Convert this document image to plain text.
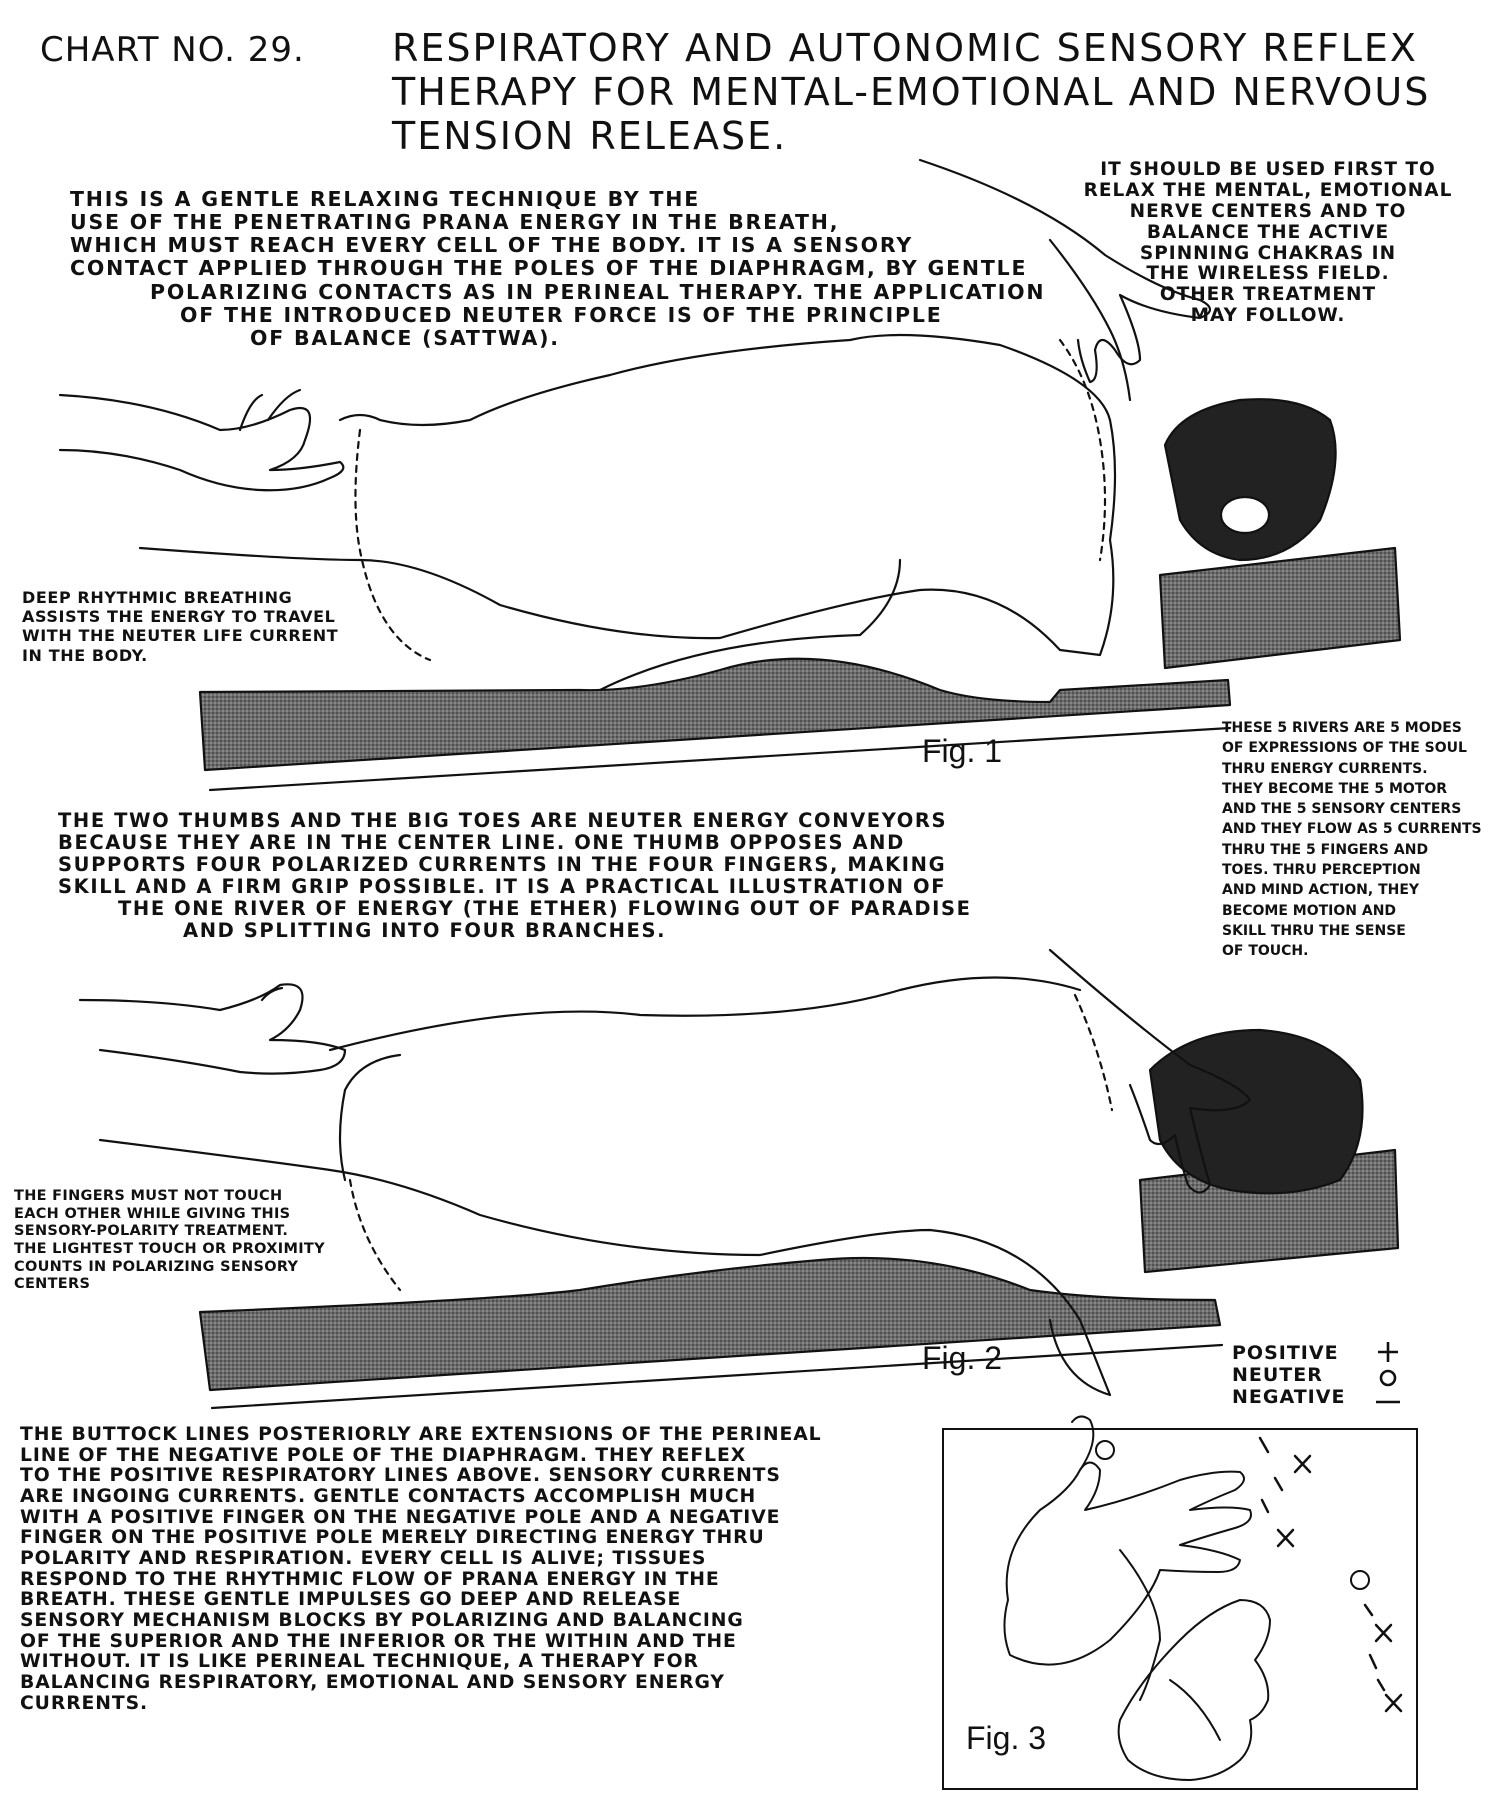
CHART NO. 29. RESPIRATORY AND AUTONOMIC SENSORY REFLEX
THERAPY FOR MENTAL-EMOTIONAL AND NERVOUS
TENSION RELEASE.
THIS IS A GENTLE RELAXING TECHNIQUE BY THE
USE OF THE PENETRATING PRANA ENERGY IN THE BREATH,
WHICH MUST REACH EVERY CELL OF THE BODY. IT IS A SENSORY
CONTACT APPLIED THROUGH THE POLES OF THE DIAPHRAGM, BY GENTLE
POLARIZING CONTACTS AS IN PERINEAL THERAPY. THE APPLICATION
OF THE INTRODUCED NEUTER FORCE IS OF THE PRINCIPLE
OF BALANCE (SATTWA).
IT SHOULD BE USED FIRST TO
RELAX THE MENTAL, EMOTIONAL
NERVE CENTERS AND TO
BALANCE THE ACTIVE
SPINNING CHAKRAS IN
THE WIRELESS FIELD.
OTHER TREATMENT
MAY FOLLOW.
DEEP RHYTHMIC BREATHING
ASSISTS THE ENERGY TO TRAVEL
WITH THE NEUTER LIFE CURRENT
IN THE BODY.
Fig. 1
THESE 5 RIVERS ARE 5 MODES
OF EXPRESSIONS OF THE SOUL
THRU ENERGY CURRENTS.
THEY BECOME THE 5 MOTOR
AND THE 5 SENSORY CENTERS
AND THEY FLOW AS 5 CURRENTS
THRU THE 5 FINGERS AND
TOES. THRU PERCEPTION
AND MIND ACTION, THEY
BECOME MOTION AND
SKILL THRU THE SENSE
OF TOUCH.
THE TWO THUMBS AND THE BIG TOES ARE NEUTER ENERGY CONVEYORS
BECAUSE THEY ARE IN THE CENTER LINE. ONE THUMB OPPOSES AND
SUPPORTS FOUR POLARIZED CURRENTS IN THE FOUR FINGERS, MAKING
SKILL AND A FIRM GRIP POSSIBLE. IT IS A PRACTICAL ILLUSTRATION OF
THE ONE RIVER OF ENERGY (THE ETHER) FLOWING OUT OF PARADISE
AND SPLITTING INTO FOUR BRANCHES.
THE FINGERS MUST NOT TOUCH
EACH OTHER WHILE GIVING THIS
SENSORY-POLARITY TREATMENT.
THE LIGHTEST TOUCH OR PROXIMITY
COUNTS IN POLARIZING SENSORY
CENTERS
Fig. 2	POSITIVE
NEUTER
NEGATIVE
THE BUTTOCK LINES POSTERIORLY ARE EXTENSIONS OF THE PERINEAL
LINE OF THE NEGATIVE POLE OF THE DIAPHRAGM. THEY REFLEX
TO THE POSITIVE RESPIRATORY LINES ABOVE. SENSORY CURRENTS
ARE INGOING CURRENTS. GENTLE CONTACTS ACCOMPLISH MUCH
WITH A POSITIVE FINGER ON THE NEGATIVE POLE AND A NEGATIVE
FINGER ON THE POSITIVE POLE MERELY DIRECTING ENERGY THRU
POLARITY AND RESPIRATION. EVERY CELL IS ALIVE; TISSUES
RESPOND TO THE RHYTHMIC FLOW OF PRANA ENERGY IN THE
BREATH. THESE GENTLE IMPULSES GO DEEP AND RELEASE
SENSORY MECHANISM BLOCKS BY POLARIZING AND BALANCING
OF THE SUPERIOR AND THE INFERIOR OR THE WITHIN AND THE
WITHOUT. IT IS LIKE PERINEAL TECHNIQUE, A THERAPY FOR
BALANCING RESPIRATORY, EMOTIONAL AND SENSORY ENERGY
CURRENTS.
Fig. 3
